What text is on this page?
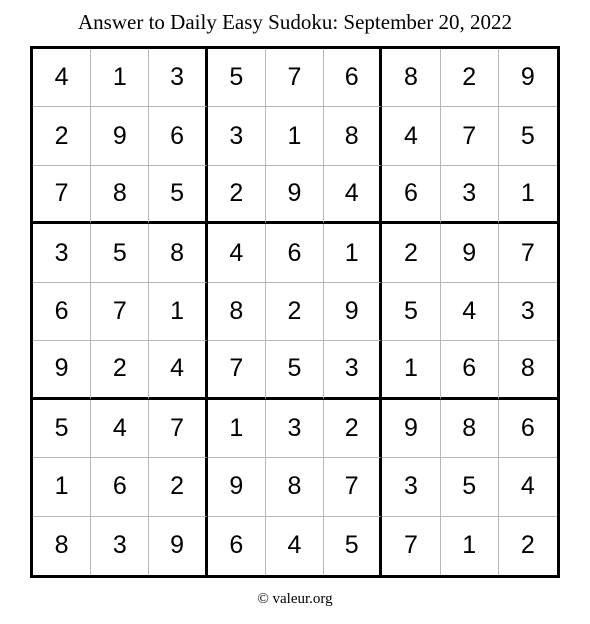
Answer to Daily Easy Sudoku: September 20, 2022
4	1	3	5	7	6	8	2	9
2	9	6	3	1	8	4	7	5
7	8	5	2	9	4	6	3	1
3	5	8	4	6	1	2	9	7
6	7	1	8	2	9	5	4	3
9	2	4	7	5	3	1	6	8
5	4	7	1	3	2	9	8	6
1	6	2	9	8	7	3	5	4
8	3	9	6	4	5	7	1	2
© valeur.org
